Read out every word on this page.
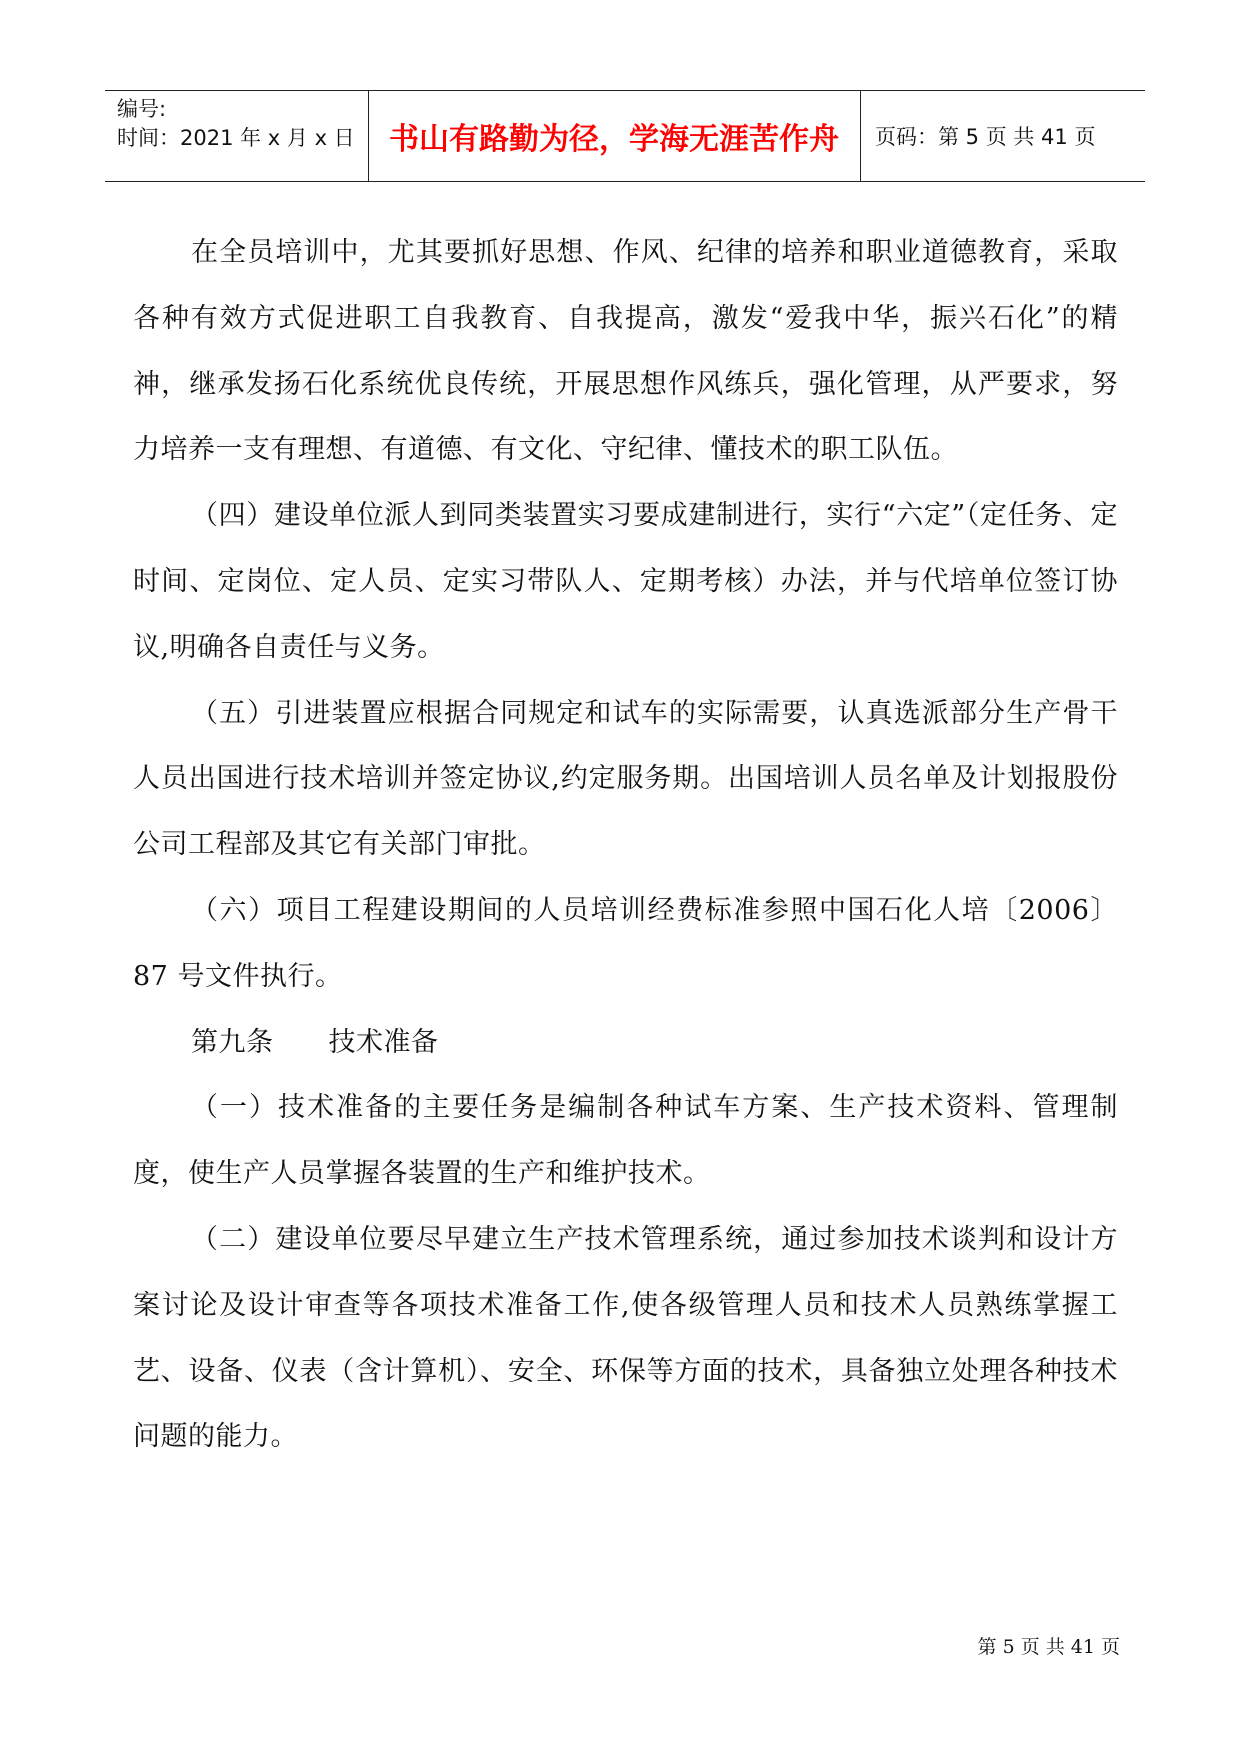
编号:
时间：2021 年 x 月 x 日	书山有路勤为径，学海无涯苦作舟	页码：第 5 页 共 41 页

在全员培训中，尤其要抓好思想、作风、纪律的培养和职业道德教育，采取各种有效方式促进职工自我教育、自我提高，激发“爱我中华，振兴石化”的精神，继承发扬石化系统优良传统，开展思想作风练兵，强化管理，从严要求，努力培养一支有理想、有道德、有文化、守纪律、懂技术的职工队伍。

（四）建设单位派人到同类装置实习要成建制进行，实行“六定”（定任务、定时间、定岗位、定人员、定实习带队人、定期考核）办法，并与代培单位签订协议,明确各自责任与义务。

（五）引进装置应根据合同规定和试车的实际需要，认真选派部分生产骨干人员出国进行技术培训并签定协议,约定服务期。出国培训人员名单及计划报股份公司工程部及其它有关部门审批。

（六）项目工程建设期间的人员培训经费标准参照中国石化人培〔2006〕87 号文件执行。

第九条　　技术准备

（一）技术准备的主要任务是编制各种试车方案、生产技术资料、管理制度，使生产人员掌握各装置的生产和维护技术。

（二）建设单位要尽早建立生产技术管理系统，通过参加技术谈判和设计方案讨论及设计审查等各项技术准备工作,使各级管理人员和技术人员熟练掌握工艺、设备、仪表（含计算机）、安全、环保等方面的技术，具备独立处理各种技术问题的能力。

第 5 页 共 41 页
